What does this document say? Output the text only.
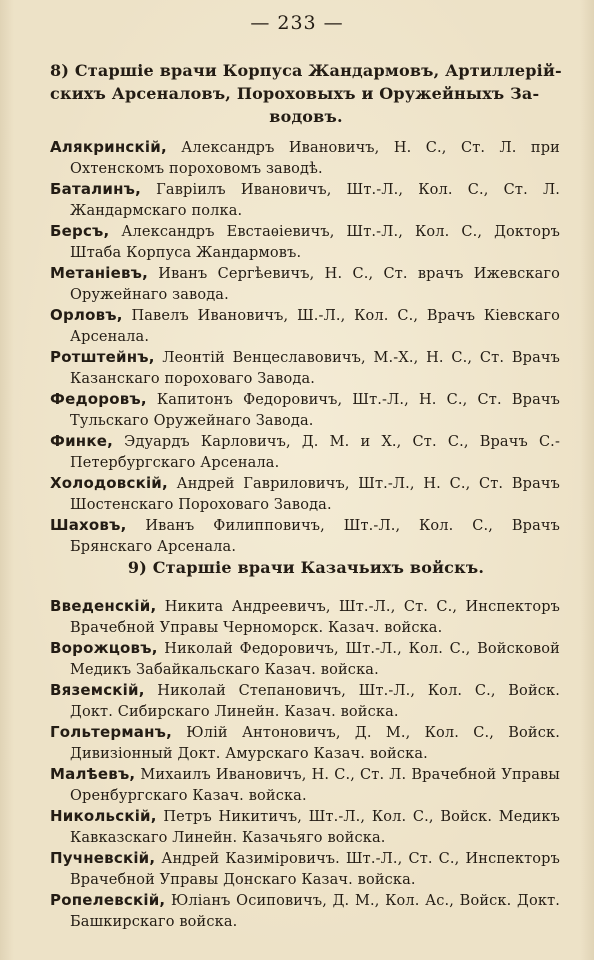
— 233 —
8) Старшіе врачи Корпуса Жандармовъ, Артиллерій-
скихъ Арсеналовъ, Пороховыхъ и Оружейныхъ За-
водовъ.

Алякринскій, Александръ Ивановичъ, Н. С., Ст. Л. при Охтенскомъ пороховомъ заводѣ.

Баталинъ, Гаврiилъ Ивановичъ, Шт.-Л., Кол. С., Ст. Л. Жандармскаго полка.

Берсъ, Александръ Евстаѳіевичъ, Шт.-Л., Кол. С., Докторъ Штаба Корпуса Жандармовъ.

Метаніевъ, Иванъ Сергѣевичъ, Н. С., Ст. врачъ Ижевскаго Оружейнаго завода.

Орловъ, Павелъ Ивановичъ, Ш.-Л., Кол. С., Врачъ Кіевскаго Арсенала.

Ротштейнъ, Леонтій Венцеславовичъ, М.-Х., Н. С., Ст. Врачъ Казанскаго пороховаго Завода.

Федоровъ, Капитонъ Федоровичъ, Шт.-Л., Н. С., Ст. Врачъ Тульскаго Оружейнаго Завода.

Финке, Эдуардъ Карловичъ, Д. М. и Х., Ст. С., Врачъ С.-Петербургскаго Арсенала.

Холодовскій, Андрей Гавриловичъ, Шт.-Л., Н. С., Ст. Врачъ Шостенскаго Пороховаго Завода.

Шаховъ, Иванъ Филипповичъ, Шт.-Л., Кол. С., Врачъ Брянскаго Арсенала.

9) Старшіе врачи Казачьихъ войскъ.

Введенскій, Никита Андреевичъ, Шт.-Л., Ст. С., Инспекторъ Врачебной Управы Черноморск. Казач. войска.

Ворожцовъ, Николай Федоровичъ, Шт.-Л., Кол. С., Войсковой Медикъ Забайкальскаго Казач. войска.

Вяземскій, Николай Степановичъ, Шт.-Л., Кол. С., Войск. Докт. Сибирскаго Линейн. Казач. войска.

Гольтерманъ, Юлій Антоновичъ, Д. М., Кол. С., Войск. Дивизіонный Докт. Амурскаго Казач. войска.

Малѣевъ, Михаилъ Ивановичъ, Н. С., Ст. Л. Врачебной Управы Оренбургскаго Казач. войска.

Никольскій, Петръ Никитичъ, Шт.-Л., Кол. С., Войск. Медикъ Кавказскаго Линейн. Казачьяго войска.

Пучневскій, Андрей Казиміровичъ. Шт.-Л., Ст. С., Инспекторъ Врачебной Управы Донскаго Казач. войска.

Ропелевскій, Юліанъ Осиповичъ, Д. М., Кол. Ас., Войск. Докт. Башкирскаго войска.
